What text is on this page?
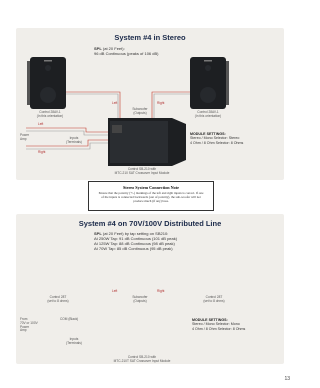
System #4 in Stereo
SPL (at 20 Feet):
96 dB Continuous (peaks of 106 dB)
Control 28AV-1
(In this orientation)
Control 28AV-1
(In this orientation)
Left	Right
Subwoofer
(Outputs)
Left
Power
Amp
Right
Inputs
(Terminals)
Control SB-210 with
MTC-210 SAT Crossover Input Module
MODULE SETTINGS:
Stereo / Mono Selector: Stereo
4 Ohm / 8 Ohm Selector: 8 Ohms
Stereo System Connection Note
Ensure that the polarity (+/-) markings of the left and right inputs is correct. If one of the inputs is connected backwards (out of polarity), the sub-woofer will not produce much (if any) bass.
System #4 on 70V/100V Distributed Line
SPL (at 20 Feet) by tap setting on SB210:
At 250W Tap: 91 dB Continuous (101 dB peak)
At 125W Tap: 88 dB Continuous (98 dB peak)
At 70W Tap: 85 dB Continuous (95 dB peak)
Control 28T
(set to 8 ohms)
Control 28T
(set to 8 ohms)
Left	Right
Subwoofer
(Outputs)
From
70V or 100V
Power
Amp
COM (Black)
Inputs
(Terminals)
Control SB-210 with
MTC-210T SAT Crossover Input Module
MODULE SETTINGS:
Stereo / Mono Selector: Mono
4 Ohm / 8 Ohm Selector: 8 Ohms
13
